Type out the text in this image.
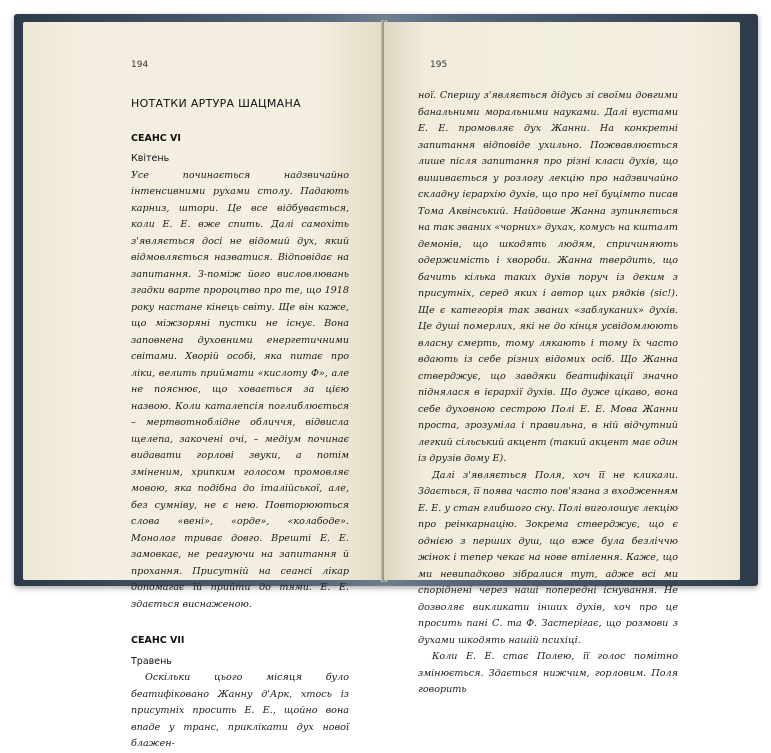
194
НОТАТКИ АРТУРА ШАЦМАНА
СЕАНС VI
Квітень

Усе починається надзвичайно інтенсивними рухами столу. Падають карниз, штори. Це все відбувається, коли Е. Е. вже спить. Далі самохіть з'являється досі не відомий дух, який відмовляється назватися. Відповідає на запитання. З-поміж його висловлювань згадки варте пророцтво про те, що 1918 року настане кінець світу. Ще він каже, що міжзоряні пустки не існує. Вона заповнена духовними енергетичними світами. Хворій особі, яка питає про ліки, велить приймати «кислоту Ф», але не пояснює, що ховається за цією назвою. Коли каталепсія поглиблюється – мертвотноблідне обличчя, відвисла щелепа, закочені очі, – медіум починає видавати горлові звуки, а потім зміненим, хрипким голосом промовляє мовою, яка подібна до італійської, але, без сумніву, не є нею. Повторюються слова «вені», «орде», «колабоде». Монолог триває довго. Врешті Е. Е. замовкає, не реагуючи на запитання й прохання. Присутній на сеансі лікар допомагає їй прийти до тями. Е. Е. здається виснаженою.

СЕАНС VII
Травень

Оскільки цього місяця було беатифіковано Жанну д'Арк, хтось із присутніх просить Е. Е., щойно вона впаде у транс, приклікати дух нової блажен-

195

ної. Спершу з'являється дідусь зі своїми довгими банальними моральними науками. Далі вустами Е. Е. промовляє дух Жанни. На конкретні запитання відповіде ухильно. Пожвавлюється лише після запитання про різні класи духів, що вишивається у розлогу лекцію про надзвичайно складну ієрархію духів, що про неї буцімто писав Тома Аквінський. Найдовше Жанна зупиняється на так званих «чорних» духах, комусь на кшталт демонів, що шкодять людям, спричиняють одержимість і хвороби. Жанна твердить, що бачить кілька таких духів поруч із деким з присутніх, серед яких і автор цих рядків (sic!). Ще є категорія так званих «заблуканих» духів. Це душі померлих, які не до кінця усвідомлюють власну смерть, тому лякають і тому їх часто вдають із себе різних відомих осіб. Що Жанна стверджує, що завдяки беатифікації значно піднялася в ієрархії духів. Що дуже цікаво, вона себе духовною сестрою Полі Е. Е. Мова Жанни проста, зрозуміла і правильна, в ній відчутний легкий сільський акцент (такий акцент має один із друзів дому Е).

Далі з'являється Поля, хоч її не кликали. Здається, її поява часто пов'язана з входженням Е. Е. у стан глибшого сну. Полі виголошує лекцію про реінкарнацію. Зокрема стверджує, що є однією з перших душ, що вже була безліччю жінок і тепер чекає на нове втілення. Каже, що ми невипадково зібралися тут, адже всі ми споріднені через наші попередні існування. Не дозволяє викликати інших духів, хоч про це просить пані С. та Ф. Застерігає, що розмови з духами шкодять нашій психіці.

Коли Е. Е. стає Полею, її голос помітно змінюється. Здається нижчим, горловим. Поля говорить
